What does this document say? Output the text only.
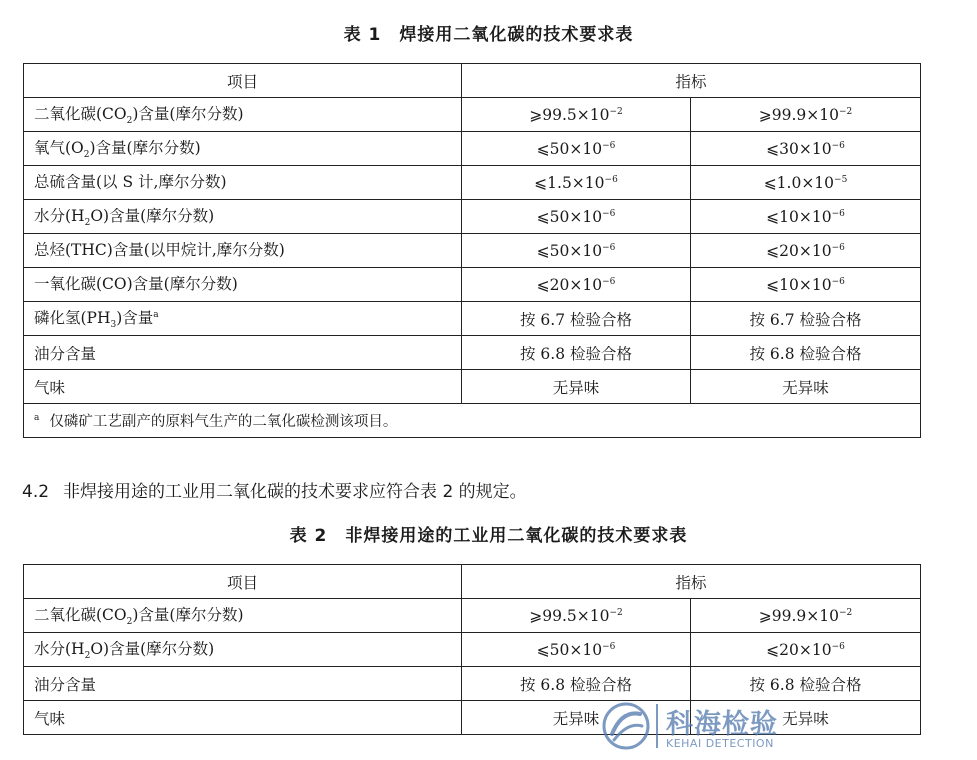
表 1 焊接用二氧化碳的技术要求表
项目	指标	
二氧化碳$(CO_2)$含量(摩尔分数)	$⩾99.5\times 10^{-2}$	$⩾99.9\times 10^{-2}$
氧气$(O_2)$含量(摩尔分数)	$⩽50\times 10^{-6}$	$⩽30\times 10^{-6}$
总硫含量(以 S 计,摩尔分数)	$⩽1.5\times 10^{-6}$	$⩽1.0\times 10^{-5}$
水分$(H_2O)$含量(摩尔分数)	$⩽50\times 10^{-6}$	$⩽10\times 10^{-6}$
总烃(THC)含量(以甲烷计,摩尔分数)	$⩽50\times 10^{-6}$	$⩽20\times 10^{-6}$
一氧化碳(CO)含量(摩尔分数)	$⩽20\times 10^{-6}$	$⩽10\times 10^{-6}$
磷化氢$(PH_3)$含量$^a$	按 6.7 检验合格	按 6.7 检验合格
油分含量	按 6.8 检验合格	按 6.8 检验合格
气味	无异味	无异味
$^a$ 仅磷矿工艺副产的原料气生产的二氧化碳检测该项目。		
4.2 非焊接用途的工业用二氧化碳的技术要求应符合表 2 的规定。
表 2 非焊接用途的工业用二氧化碳的技术要求表
项目	指标	
二氧化碳$(CO_2)$含量(摩尔分数)	$⩾99.5\times 10^{-2}$	$⩾99.9\times 10^{-2}$
水分$(H_2O)$含量(摩尔分数)	$⩽50\times 10^{-6}$	$⩽20\times 10^{-6}$
油分含量	按 6.8 检验合格	按 6.8 检验合格
气味	无异味	无异味
科海检验
KEHAI DETECTION
